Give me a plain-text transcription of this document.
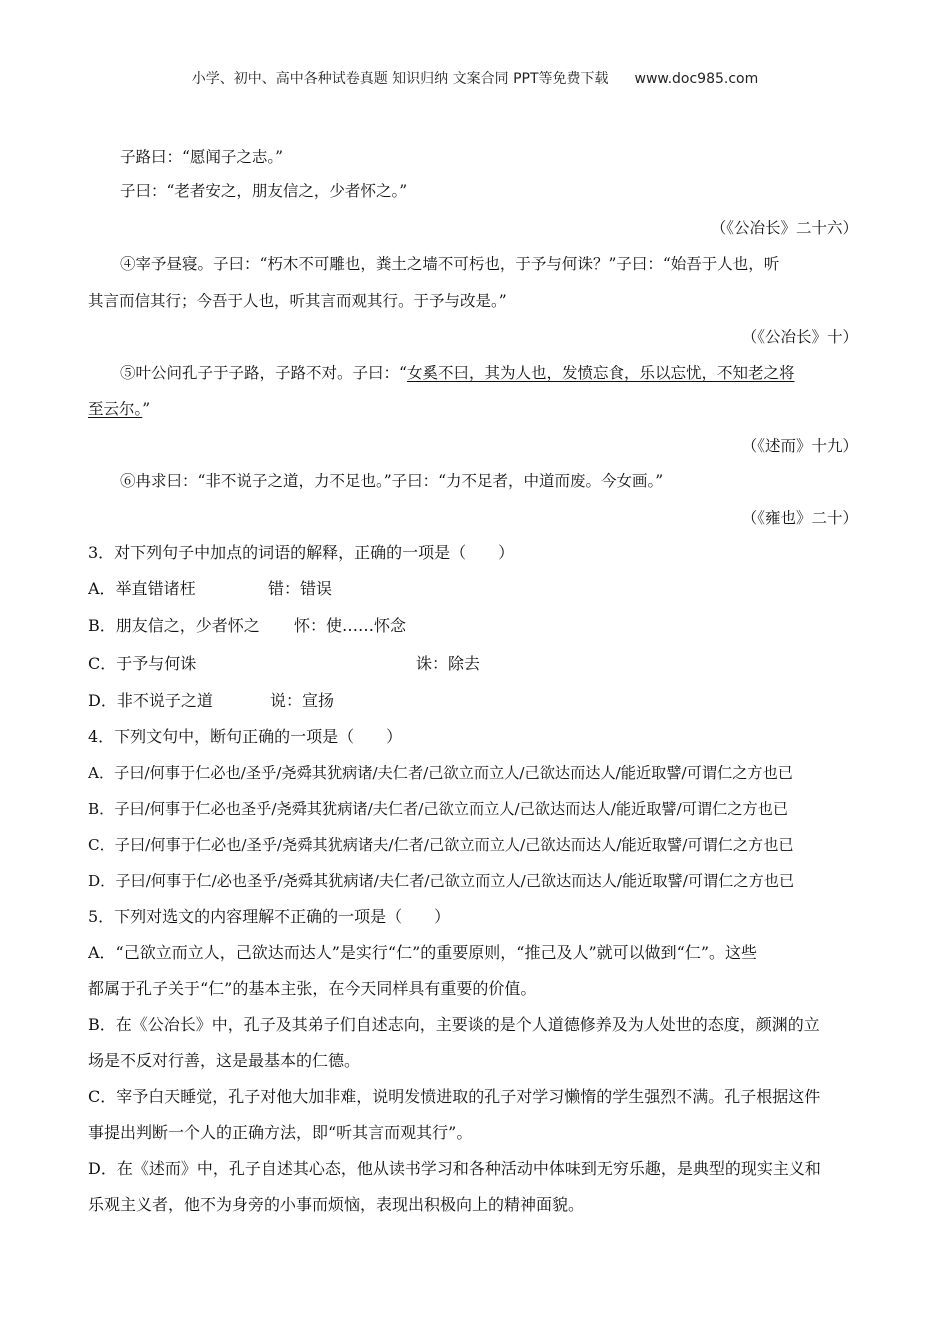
小学、初中、高中各种试卷真题 知识归纳 文案合同 PPT等免费下载 www.doc985.com
子路曰：“愿闻子之志。”
子曰：“老者安之，朋友信之，少者怀之。”
（《公冶长》二十六）
④宰予昼寝。子曰：“朽木不可雕也，粪土之墙不可杇也，于予与何诛？”子曰：“始吾于人也，听
其言而信其行；今吾于人也，听其言而观其行。于予与改是。”
（《公冶长》十）
⑤叶公问孔子于子路，子路不对。子曰：“女奚不曰，其为人也，发愤忘食，乐以忘忧，不知老之将
至云尔。”
（《述而》十九）
⑥冉求曰：“非不说子之道，力不足也。”子曰：“力不足者，中道而废。今女画。”
（《雍也》二十）
3．对下列句子中加点的词语的解释，正确的一项是（　　）
A．举直错诸枉	错：错误
B．朋友信之，少者怀之 怀：使……怀念
C．于予与何诛	诛：除去
D．非不说子之道	说：宣扬
4．下列文句中，断句正确的一项是（　　）
A．子曰/何事于仁必也/圣乎/尧舜其犹病诸/夫仁者/己欲立而立人/己欲达而达人/能近取譬/可谓仁之方也已
B．子曰/何事于仁必也圣乎/尧舜其犹病诸/夫仁者/己欲立而立人/己欲达而达人/能近取譬/可谓仁之方也已
C．子曰/何事于仁必也/圣乎/尧舜其犹病诸夫/仁者/己欲立而立人/己欲达而达人/能近取譬/可谓仁之方也已
D．子曰/何事于仁/必也圣乎/尧舜其犹病诸/夫仁者/己欲立而立人/己欲达而达人/能近取譬/可谓仁之方也已
5．下列对选文的内容理解不正确的一项是（　　）
A．“己欲立而立人，己欲达而达人”是实行“仁”的重要原则，“推己及人”就可以做到“仁”。这些
都属于孔子关于“仁”的基本主张，在今天同样具有重要的价值。
B．在《公冶长》中，孔子及其弟子们自述志向，主要谈的是个人道德修养及为人处世的态度，颜渊的立
场是不反对行善，这是最基本的仁德。
C．宰予白天睡觉，孔子对他大加非难，说明发愤进取的孔子对学习懒惰的学生强烈不满。孔子根据这件
事提出判断一个人的正确方法，即“听其言而观其行”。
D．在《述而》中，孔子自述其心态，他从读书学习和各种活动中体味到无穷乐趣，是典型的现实主义和
乐观主义者，他不为身旁的小事而烦恼，表现出积极向上的精神面貌。
